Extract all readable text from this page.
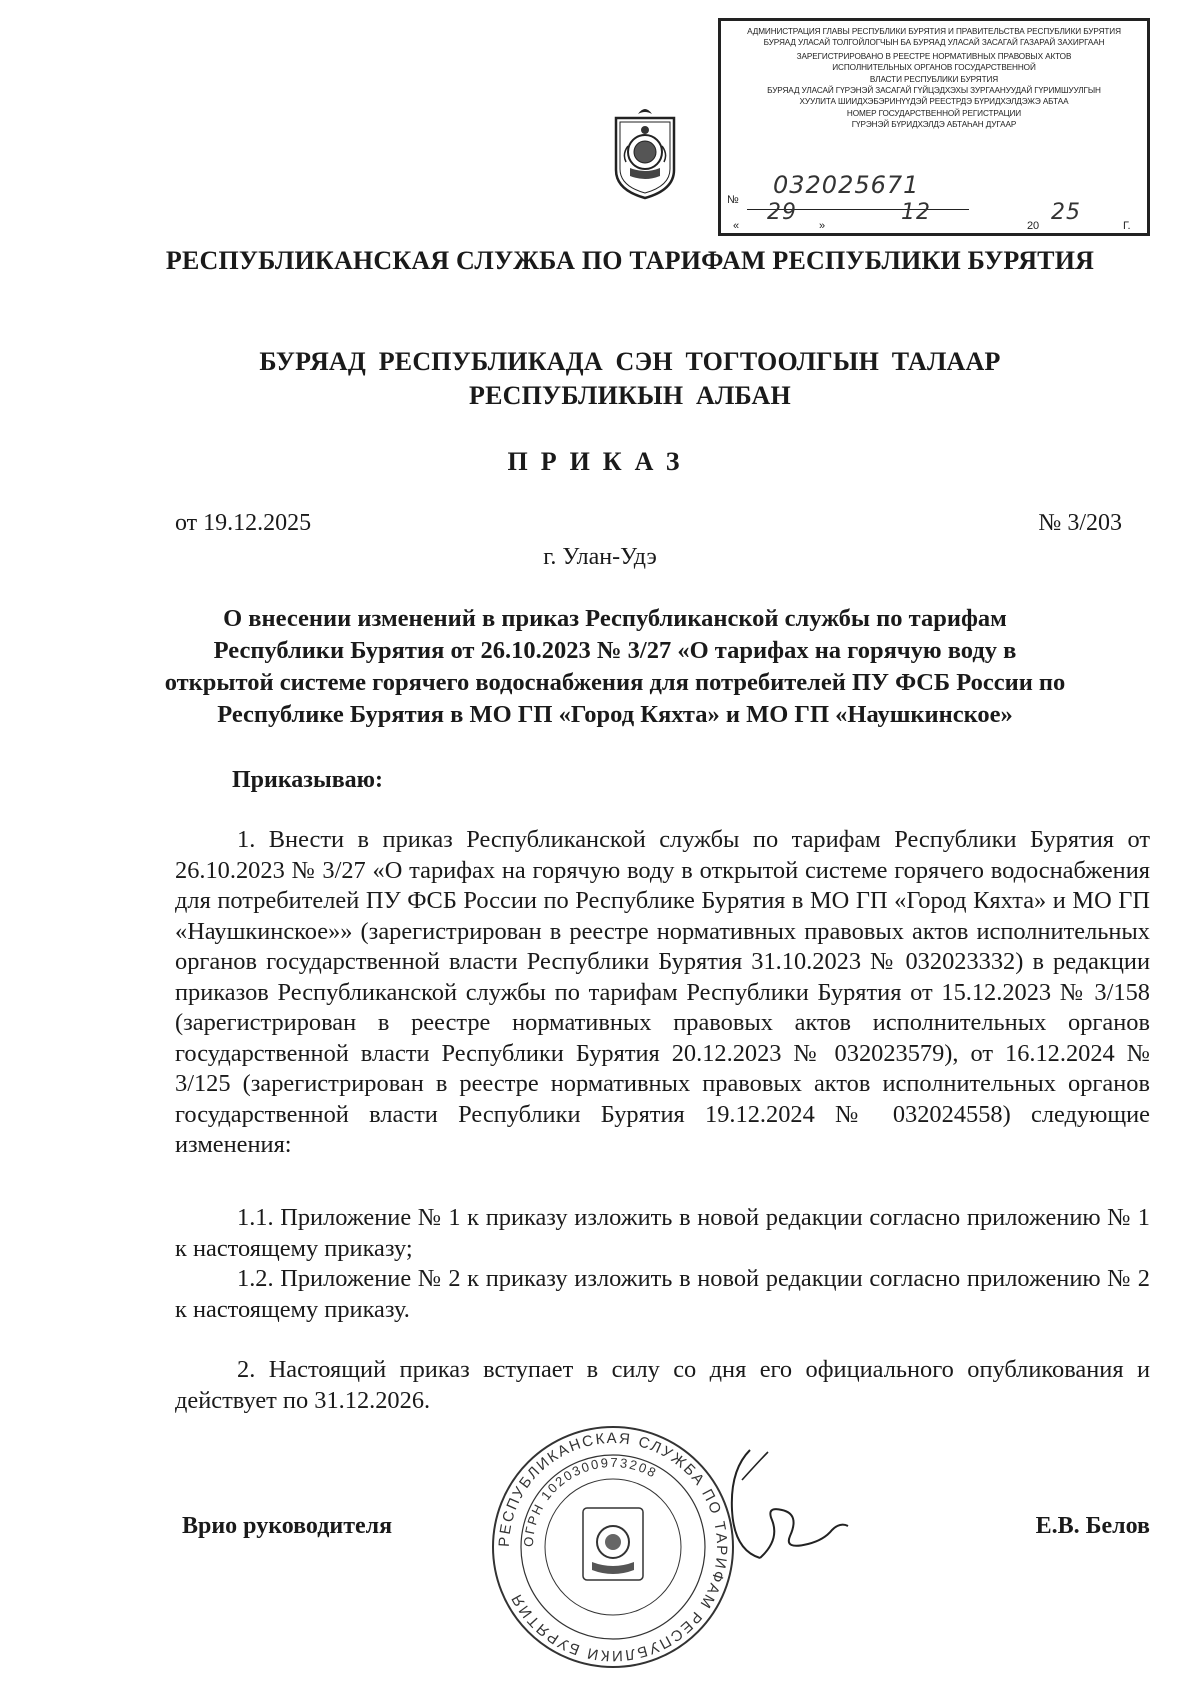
АДМИНИСТРАЦИЯ ГЛАВЫ РЕСПУБЛИКИ БУРЯТИЯ И ПРАВИТЕЛЬСТВА РЕСПУБЛИКИ БУРЯТИЯ
БУРЯАД УЛАСАЙ ТОЛГОЙЛОГЧЫН БА БУРЯАД УЛАСАЙ ЗАСАГАЙ ГАЗАРАЙ ЗАХИРГААН
ЗАРЕГИСТРИРОВАНО В РЕЕСТРЕ НОРМАТИВНЫХ ПРАВОВЫХ АКТОВ
ИСПОЛНИТЕЛЬНЫХ ОРГАНОВ ГОСУДАРСТВЕННОЙ
ВЛАСТИ РЕСПУБЛИКИ БУРЯТИЯ
БУРЯАД УЛАСАЙ ГҮРЭНЭЙ ЗАСАГАЙ ГҮЙЦЭДХЭХЫ ЗУРГААНУУДАЙ ГҮРИМШУУЛГЫН
ХУУЛИТА ШИИДХЭБЭРИНҮҮДЭЙ РЕЕСТРДЭ БҮРИДХЭЛДЭЖЭ АБТАА
НОМЕР ГОСУДАРСТВЕННОЙ РЕГИСТРАЦИИ
ГҮРЭНЭЙ БҮРИДХЭЛДЭ АБТАҺАН ДУГААР
№
032025671
«
29
»
12
20
25
Г.
РЕСПУБЛИКАНСКАЯ СЛУЖБА ПО ТАРИФАМ РЕСПУБЛИКИ БУРЯТИЯ
БУРЯАД РЕСПУБЛИКАДА СЭН ТОГТООЛГЫН ТАЛААР РЕСПУБЛИКЫН АЛБАН
ПРИКАЗ
от 19.12.2025	№ 3/203
г. Улан-Удэ

О внесении изменений в приказ Республиканской службы по тарифам Республики Бурятия от 26.10.2023 № 3/27 «О тарифах на горячую воду в открытой системе горячего водоснабжения для потребителей ПУ ФСБ России по Республике Бурятия в МО ГП «Город Кяхта» и МО ГП «Наушкинское»

Приказываю:

1. Внести в приказ Республиканской службы по тарифам Республики Бурятия от 26.10.2023 № 3/27 «О тарифах на горячую воду в открытой системе горячего водоснабжения для потребителей ПУ ФСБ России по Республике Бурятия в МО ГП «Город Кяхта» и МО ГП «Наушкинское»» (зарегистрирован в реестре нормативных правовых актов исполнительных органов государственной власти Республики Бурятия 31.10.2023 № 032023332) в редакции приказов Республиканской службы по тарифам Республики Бурятия от 15.12.2023 № 3/158 (зарегистрирован в реестре нормативных правовых актов исполнительных органов государственной власти Республики Бурятия 20.12.2023 № 032023579), от 16.12.2024 № 3/125 (зарегистрирован в реестре нормативных правовых актов исполнительных органов государственной власти Республики Бурятия 19.12.2024 № 032024558) следующие изменения:

1.1. Приложение № 1 к приказу изложить в новой редакции согласно приложению № 1 к настоящему приказу;

1.2. Приложение № 2 к приказу изложить в новой редакции согласно приложению № 2 к настоящему приказу.

2. Настоящий приказ вступает в силу со дня его официального опубликования и действует по 31.12.2026.

Врио руководителя	Е.В. Белов
РЕСПУБЛИКАНСКАЯ СЛУЖБА ПО ТАРИФАМ РЕСПУБЛИКИ БУРЯТИЯ
ОГРН 1020300973208
